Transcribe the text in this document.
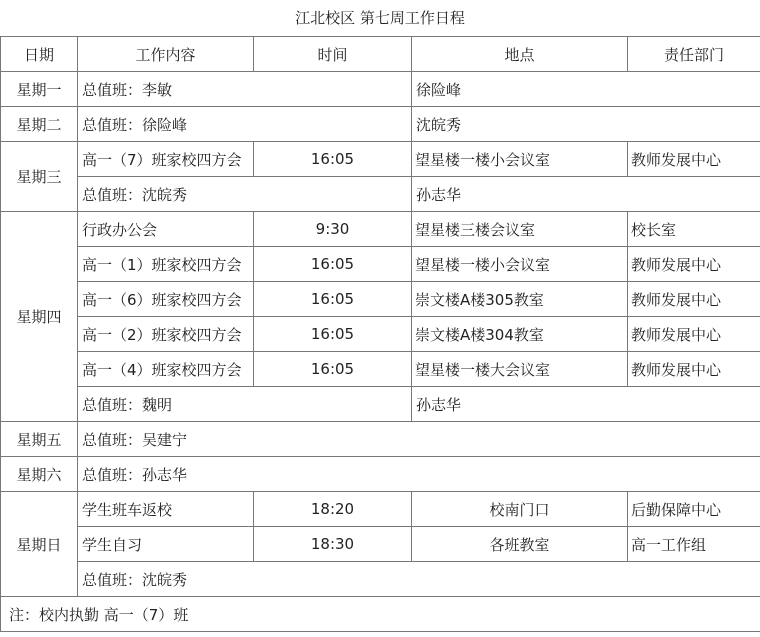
江北校区 第七周工作日程
日期	工作内容	时间	地点	责任部门
星期一	总值班：李敏		徐险峰	
星期二	总值班：徐险峰		沈皖秀	
星期三	高一（7）班家校四方会	16:05	望星楼一楼小会议室	教师发展中心
	总值班：沈皖秀		孙志华	
星期四	行政办公会	9:30	望星楼三楼会议室	校长室
	高一（1）班家校四方会	16:05	望星楼一楼小会议室	教师发展中心
	高一（6）班家校四方会	16:05	崇文楼A楼305教室	教师发展中心
	高一（2）班家校四方会	16:05	崇文楼A楼304教室	教师发展中心
	高一（4）班家校四方会	16:05	望星楼一楼大会议室	教师发展中心
	总值班：魏明		孙志华	
星期五	总值班：吴建宁			
星期六	总值班：孙志华			
星期日	学生班车返校	18:20	校南门口	后勤保障中心
	学生自习	18:30	各班教室	高一工作组
	总值班：沈皖秀			
注：校内执勤 高一（7）班				
